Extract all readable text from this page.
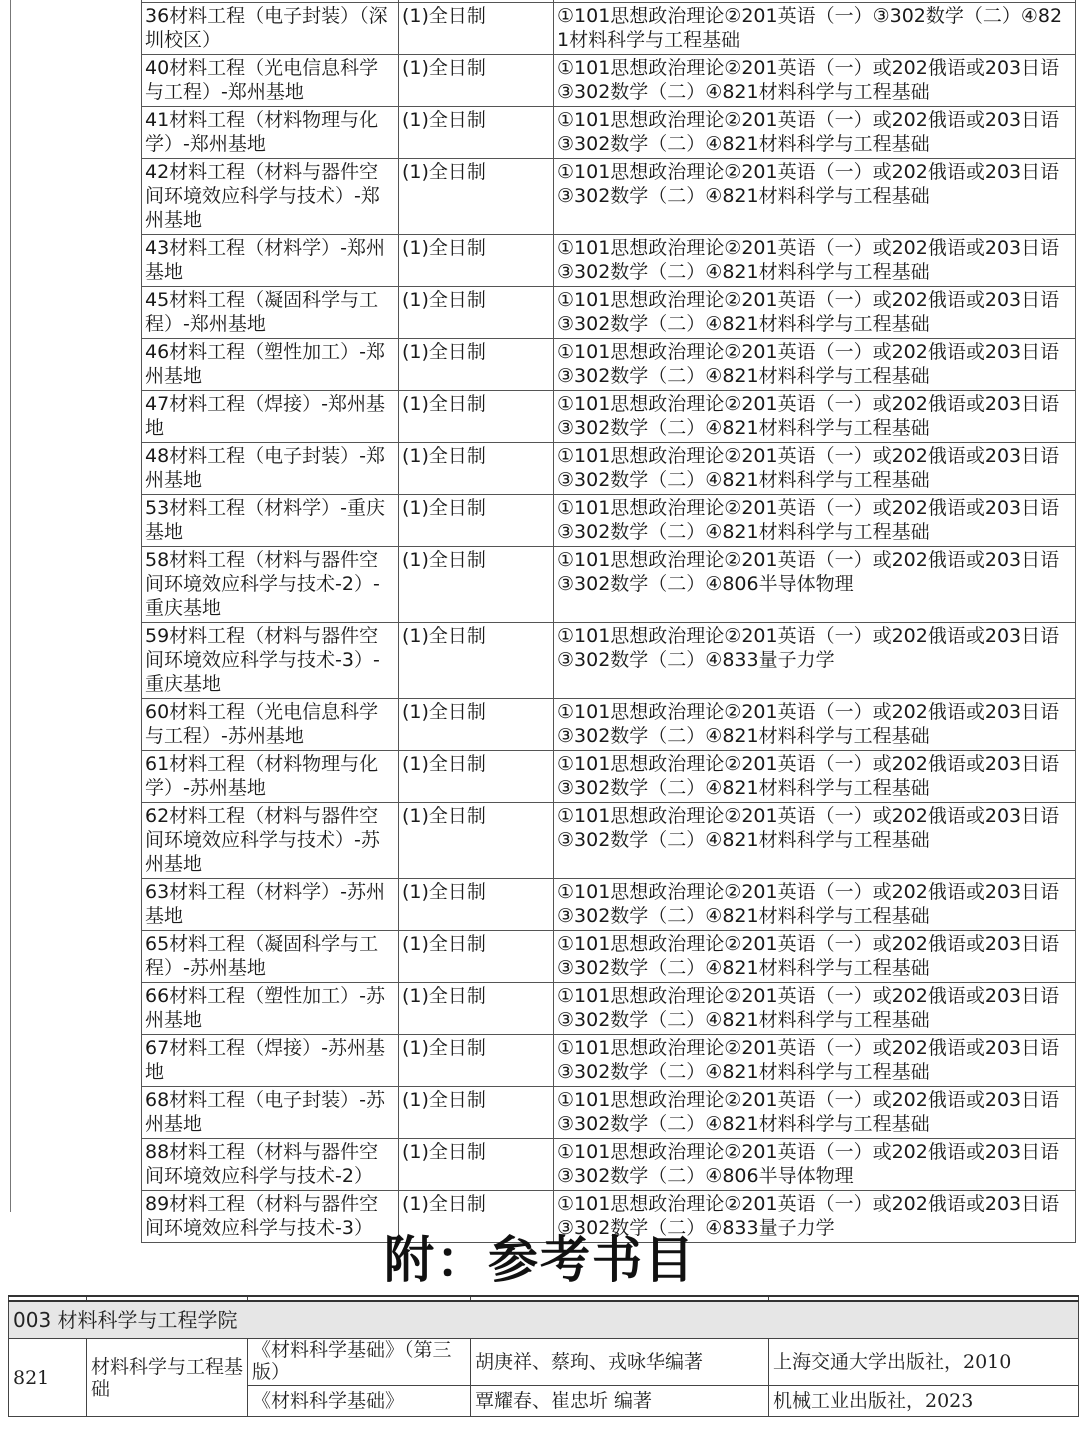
36材料工程（电子封装）（深圳校区）	(1)全日制	①101思想政治理论②201英语（一）③302数学（二）④821材料科学与工程基础
40材料工程（光电信息科学与工程）-郑州基地	(1)全日制	①101思想政治理论②201英语（一）或202俄语或203日语③302数学（二）④821材料科学与工程基础
41材料工程（材料物理与化学）-郑州基地	(1)全日制	①101思想政治理论②201英语（一）或202俄语或203日语③302数学（二）④821材料科学与工程基础
42材料工程（材料与器件空间环境效应科学与技术）-郑州基地	(1)全日制	①101思想政治理论②201英语（一）或202俄语或203日语③302数学（二）④821材料科学与工程基础
43材料工程（材料学）-郑州基地	(1)全日制	①101思想政治理论②201英语（一）或202俄语或203日语③302数学（二）④821材料科学与工程基础
45材料工程（凝固科学与工程）-郑州基地	(1)全日制	①101思想政治理论②201英语（一）或202俄语或203日语③302数学（二）④821材料科学与工程基础
46材料工程（塑性加工）-郑州基地	(1)全日制	①101思想政治理论②201英语（一）或202俄语或203日语③302数学（二）④821材料科学与工程基础
47材料工程（焊接）-郑州基地	(1)全日制	①101思想政治理论②201英语（一）或202俄语或203日语③302数学（二）④821材料科学与工程基础
48材料工程（电子封装）-郑州基地	(1)全日制	①101思想政治理论②201英语（一）或202俄语或203日语③302数学（二）④821材料科学与工程基础
53材料工程（材料学）-重庆基地	(1)全日制	①101思想政治理论②201英语（一）或202俄语或203日语③302数学（二）④821材料科学与工程基础
58材料工程（材料与器件空间环境效应科学与技术-2）-重庆基地	(1)全日制	①101思想政治理论②201英语（一）或202俄语或203日语③302数学（二）④806半导体物理
59材料工程（材料与器件空间环境效应科学与技术-3）-重庆基地	(1)全日制	①101思想政治理论②201英语（一）或202俄语或203日语③302数学（二）④833量子力学
60材料工程（光电信息科学与工程）-苏州基地	(1)全日制	①101思想政治理论②201英语（一）或202俄语或203日语③302数学（二）④821材料科学与工程基础
61材料工程（材料物理与化学）-苏州基地	(1)全日制	①101思想政治理论②201英语（一）或202俄语或203日语③302数学（二）④821材料科学与工程基础
62材料工程（材料与器件空间环境效应科学与技术）-苏州基地	(1)全日制	①101思想政治理论②201英语（一）或202俄语或203日语③302数学（二）④821材料科学与工程基础
63材料工程（材料学）-苏州基地	(1)全日制	①101思想政治理论②201英语（一）或202俄语或203日语③302数学（二）④821材料科学与工程基础
65材料工程（凝固科学与工程）-苏州基地	(1)全日制	①101思想政治理论②201英语（一）或202俄语或203日语③302数学（二）④821材料科学与工程基础
66材料工程（塑性加工）-苏州基地	(1)全日制	①101思想政治理论②201英语（一）或202俄语或203日语③302数学（二）④821材料科学与工程基础
67材料工程（焊接）-苏州基地	(1)全日制	①101思想政治理论②201英语（一）或202俄语或203日语③302数学（二）④821材料科学与工程基础
68材料工程（电子封装）-苏州基地	(1)全日制	①101思想政治理论②201英语（一）或202俄语或203日语③302数学（二）④821材料科学与工程基础
88材料工程（材料与器件空间环境效应科学与技术-2）	(1)全日制	①101思想政治理论②201英语（一）或202俄语或203日语③302数学（二）④806半导体物理
89材料工程（材料与器件空间环境效应科学与技术-3）	(1)全日制	①101思想政治理论②201英语（一）或202俄语或203日语③302数学（二）④833量子力学
附：参考书目

003 材料科学与工程学院				
821	材料科学与工程基础	《材料科学基础》（第三版）	胡庚祥、蔡珣、戎咏华编著	上海交通大学出版社，2010
		《材料科学基础》	覃耀春、崔忠圻 编著	机械工业出版社，2023
